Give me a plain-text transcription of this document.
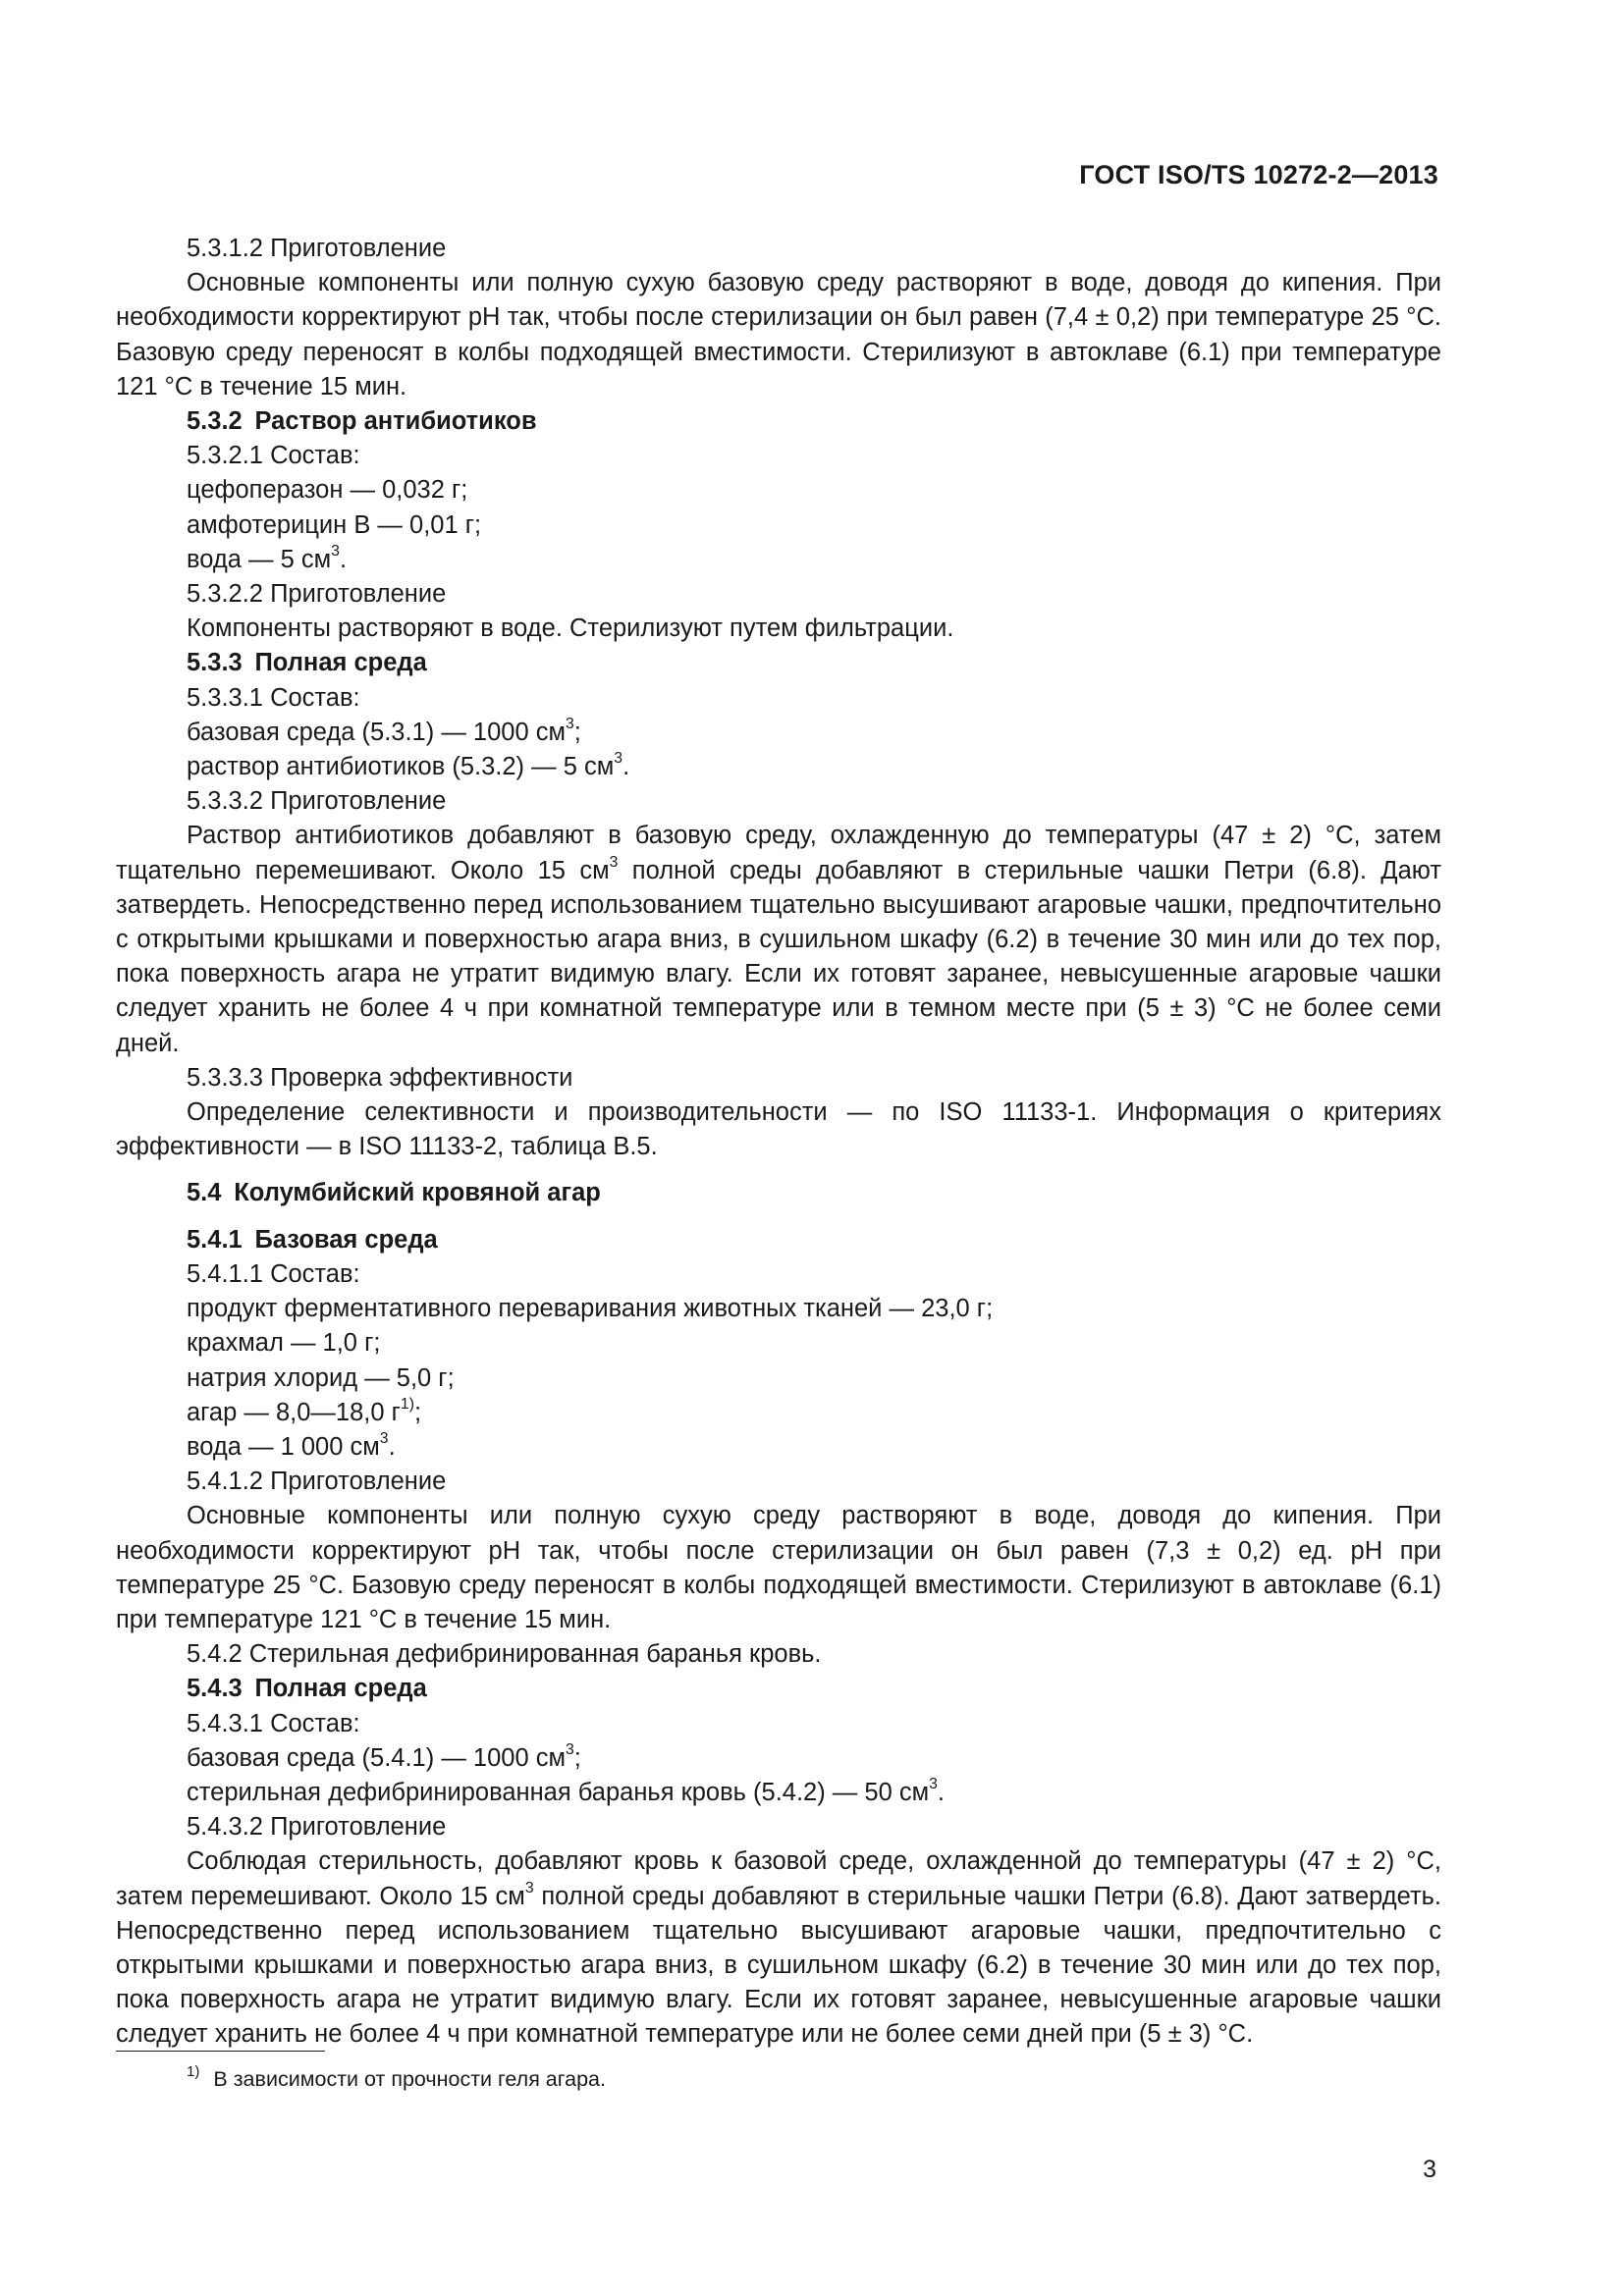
ГОСТ ISO/TS 10272-2—2013

5.3.1.2 Приготовление

Основные компоненты или полную сухую базовую среду растворяют в воде, доводя до кипения. При необходимости корректируют pH так, чтобы после стерилизации он был равен (7,4 ± 0,2) при температуре 25 °C. Базовую среду переносят в колбы подходящей вместимости. Стерилизуют в автоклаве (6.1) при температуре 121 °C в течение 15 мин.

5.3.2  Раствор антибиотиков

5.3.2.1 Состав:

цефоперазон — 0,032 г;

амфотерицин B — 0,01 г;

вода — 5 $см^3$.

5.3.2.2 Приготовление

Компоненты растворяют в воде. Стерилизуют путем фильтрации.

5.3.3  Полная среда

5.3.3.1 Состав:

базовая среда (5.3.1) — 1000 $см^3$;

раствор антибиотиков (5.3.2) — 5 $см^3$.

5.3.3.2 Приготовление

Раствор антибиотиков добавляют в базовую среду, охлажденную до температуры (47 ± 2) °C, затем тщательно перемешивают. Около 15 $см^3$ полной среды добавляют в стерильные чашки Петри (6.8). Дают затвердеть. Непосредственно перед использованием тщательно высушивают агаровые чашки, предпочтительно с открытыми крышками и поверхностью агара вниз, в сушильном шкафу (6.2) в течение 30 мин или до тех пор, пока поверхность агара не утратит видимую влагу. Если их готовят заранее, невысушенные агаровые чашки следует хранить не более 4 ч при комнатной температуре или в темном месте при (5 ± 3) °C не более семи дней.

5.3.3.3 Проверка эффективности

Определение селективности и производительности — по ISO 11133-1. Информация о критериях эффективности — в ISO 11133-2, таблица В.5.

5.4  Колумбийский кровяной агар

5.4.1  Базовая среда

5.4.1.1 Состав:

продукт ферментативного переваривания животных тканей — 23,0 г;

крахмал — 1,0 г;

натрия хлорид — 5,0 г;

агар — 8,0—18,0 $г^{1)}$;

вода — 1 000 $см^3$.

5.4.1.2 Приготовление

Основные компоненты или полную сухую среду растворяют в воде, доводя до кипения. При необходимости корректируют pH так, чтобы после стерилизации он был равен (7,3 ± 0,2) ед. pH при температуре 25 °C. Базовую среду переносят в колбы подходящей вместимости. Стерилизуют в автоклаве (6.1) при температуре 121 °C в течение 15 мин.

5.4.2 Стерильная дефибринированная баранья кровь.

5.4.3  Полная среда

5.4.3.1 Состав:

базовая среда (5.4.1) — 1000 $см^3$;

стерильная дефибринированная баранья кровь (5.4.2) — 50 $см^3$.

5.4.3.2 Приготовление

Соблюдая стерильность, добавляют кровь к базовой среде, охлажденной до температуры (47 ± 2) °C, затем перемешивают. Около 15 $см^3$ полной среды добавляют в стерильные чашки Петри (6.8). Дают затвердеть. Непосредственно перед использованием тщательно высушивают агаровые чашки, предпочтительно с открытыми крышками и поверхностью агара вниз, в сушильном шкафу (6.2) в течение 30 мин или до тех пор, пока поверхность агара не утратит видимую влагу. Если их готовят заранее, невысушенные агаровые чашки следует хранить не более 4 ч при комнатной температуре или не более семи дней при (5 ± 3) °C.

$^{1)}$ В зависимости от прочности геля агара.
3
